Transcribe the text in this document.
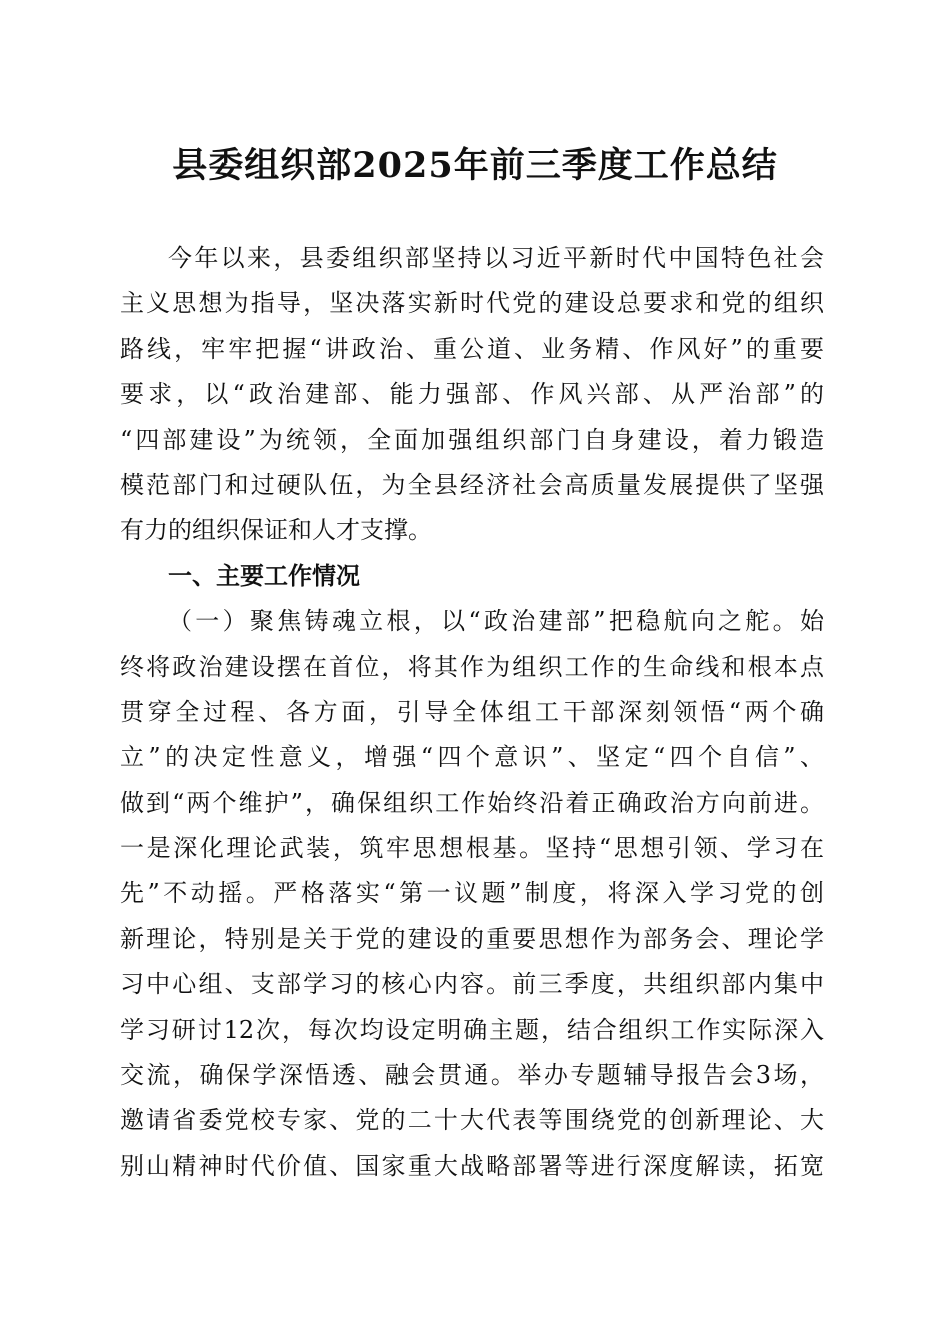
县委组织部2025年前三季度工作总结
今年以来，县委组织部坚持以习近平新时代中国特色社会
主义思想为指导，坚决落实新时代党的建设总要求和党的组织
路线，牢牢把握“讲政治、重公道、业务精、作风好”的重要
要求，以“政治建部、能力强部、作风兴部、从严治部”的
“四部建设”为统领，全面加强组织部门自身建设，着力锻造
模范部门和过硬队伍，为全县经济社会高质量发展提供了坚强
有力的组织保证和人才支撑。
一、主要工作情况
（一）聚焦铸魂立根，以“政治建部”把稳航向之舵。始
终将政治建设摆在首位，将其作为组织工作的生命线和根本点
贯穿全过程、各方面，引导全体组工干部深刻领悟“两个确
立”的决定性意义，增强“四个意识”、坚定“四个自信”、
做到“两个维护”，确保组织工作始终沿着正确政治方向前进。
一是深化理论武装，筑牢思想根基。坚持“思想引领、学习在
先”不动摇。严格落实“第一议题”制度，将深入学习党的创
新理论，特别是关于党的建设的重要思想作为部务会、理论学
习中心组、支部学习的核心内容。前三季度，共组织部内集中
学习研讨12次，每次均设定明确主题，结合组织工作实际深入
交流，确保学深悟透、融会贯通。举办专题辅导报告会3场，
邀请省委党校专家、党的二十大代表等围绕党的创新理论、大
别山精神时代价值、国家重大战略部署等进行深度解读，拓宽
